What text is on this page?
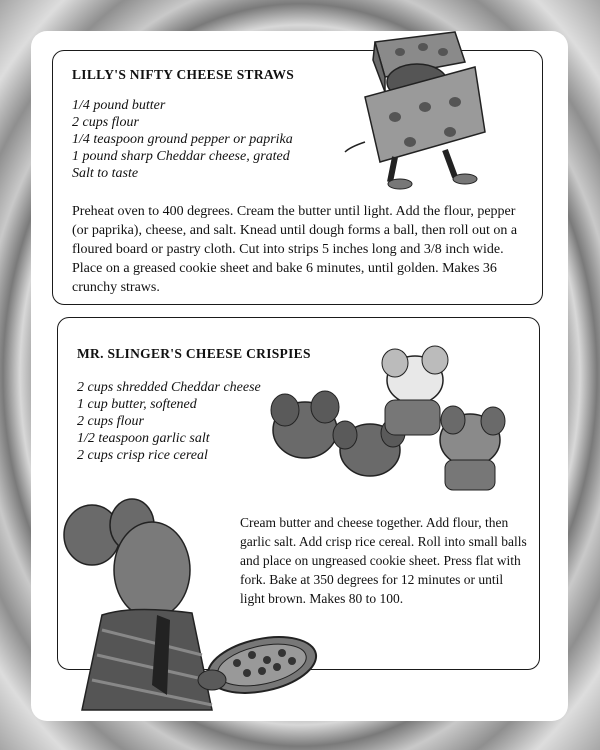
LILLY'S NIFTY CHEESE STRAWS
1/4 pound butter
2 cups flour
1/4 teaspoon ground pepper or paprika
1 pound sharp Cheddar cheese, grated
Salt to taste
Preheat oven to 400 degrees. Cream the butter until light. Add the flour, pepper (or paprika), cheese, and salt. Knead until dough forms a ball, then roll out on a floured board or pastry cloth. Cut into strips 5 inches long and 3/8 inch wide. Place on a greased cookie sheet and bake 6 minutes, until golden. Makes 36 crunchy straws.
MR. SLINGER'S CHEESE CRISPIES
2 cups shredded Cheddar cheese
1 cup butter, softened
2 cups flour
1/2 teaspoon garlic salt
2 cups crisp rice cereal
Cream butter and cheese together. Add flour, then garlic salt. Add crisp rice cereal. Roll into small balls and place on ungreased cookie sheet. Press flat with fork. Bake at 350 degrees for 12 minutes or until light brown. Makes 80 to 100.
